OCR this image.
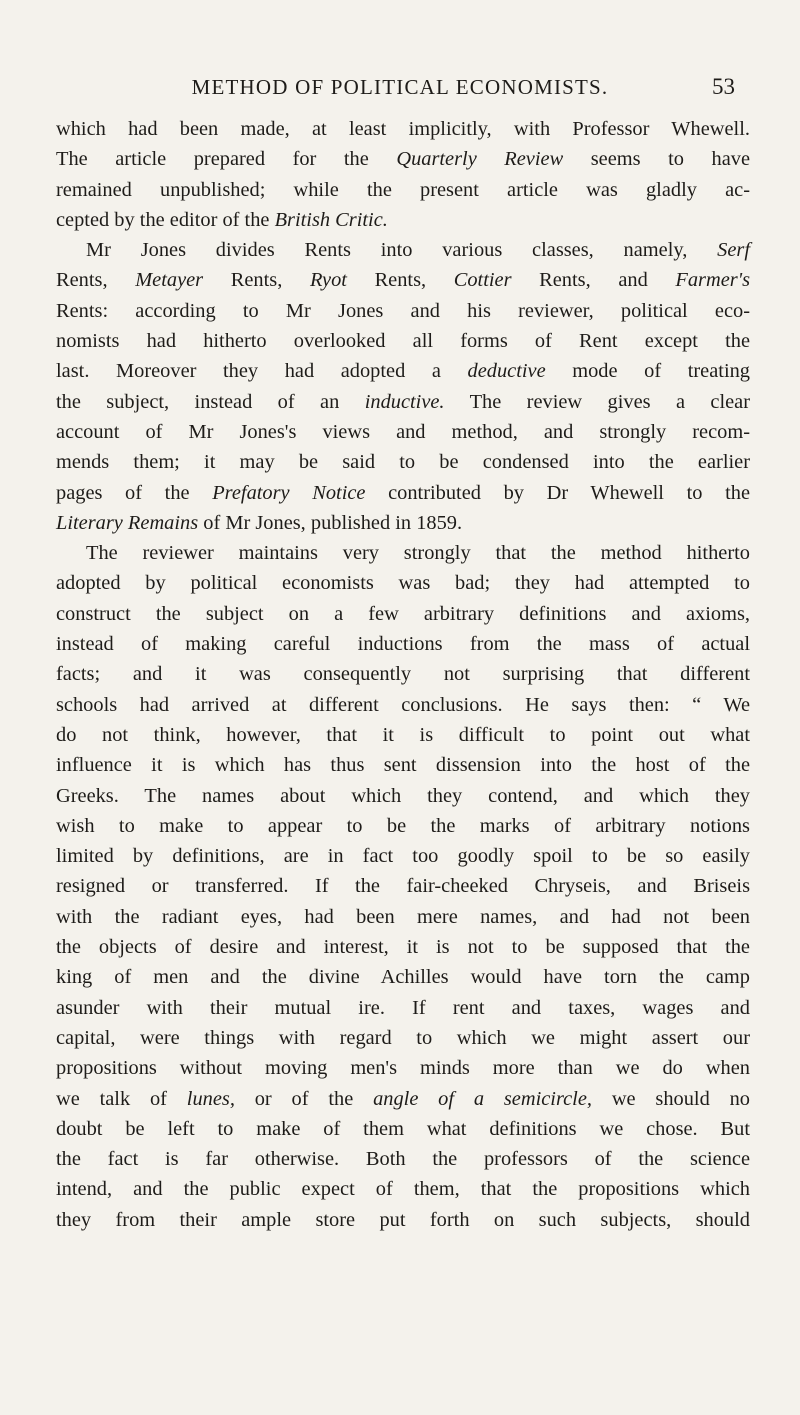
METHOD OF POLITICAL ECONOMISTS.	53
which had been made, at least implicitly, with Professor Whewell.
The article prepared for the Quarterly Review seems to have
remained unpublished; while the present article was gladly ac-
cepted by the editor of the British Critic.
Mr Jones divides Rents into various classes, namely, Serf
Rents, Metayer Rents, Ryot Rents, Cottier Rents, and Farmer's
Rents: according to Mr Jones and his reviewer, political eco-
nomists had hitherto overlooked all forms of Rent except the
last. Moreover they had adopted a deductive mode of treating
the subject, instead of an inductive. The review gives a clear
account of Mr Jones's views and method, and strongly recom-
mends them; it may be said to be condensed into the earlier
pages of the Prefatory Notice contributed by Dr Whewell to the
Literary Remains of Mr Jones, published in 1859.
The reviewer maintains very strongly that the method hitherto
adopted by political economists was bad; they had attempted to
construct the subject on a few arbitrary definitions and axioms,
instead of making careful inductions from the mass of actual
facts; and it was consequently not surprising that different
schools had arrived at different conclusions. He says then: “ We
do not think, however, that it is difficult to point out what
influence it is which has thus sent dissension into the host of the
Greeks. The names about which they contend, and which they
wish to make to appear to be the marks of arbitrary notions
limited by definitions, are in fact too goodly spoil to be so easily
resigned or transferred. If the fair-cheeked Chryseis, and Briseis
with the radiant eyes, had been mere names, and had not been
the objects of desire and interest, it is not to be supposed that the
king of men and the divine Achilles would have torn the camp
asunder with their mutual ire. If rent and taxes, wages and
capital, were things with regard to which we might assert our
propositions without moving men's minds more than we do when
we talk of lunes, or of the angle of a semicircle, we should no
doubt be left to make of them what definitions we chose. But
the fact is far otherwise. Both the professors of the science
intend, and the public expect of them, that the propositions which
they from their ample store put forth on such subjects, should
